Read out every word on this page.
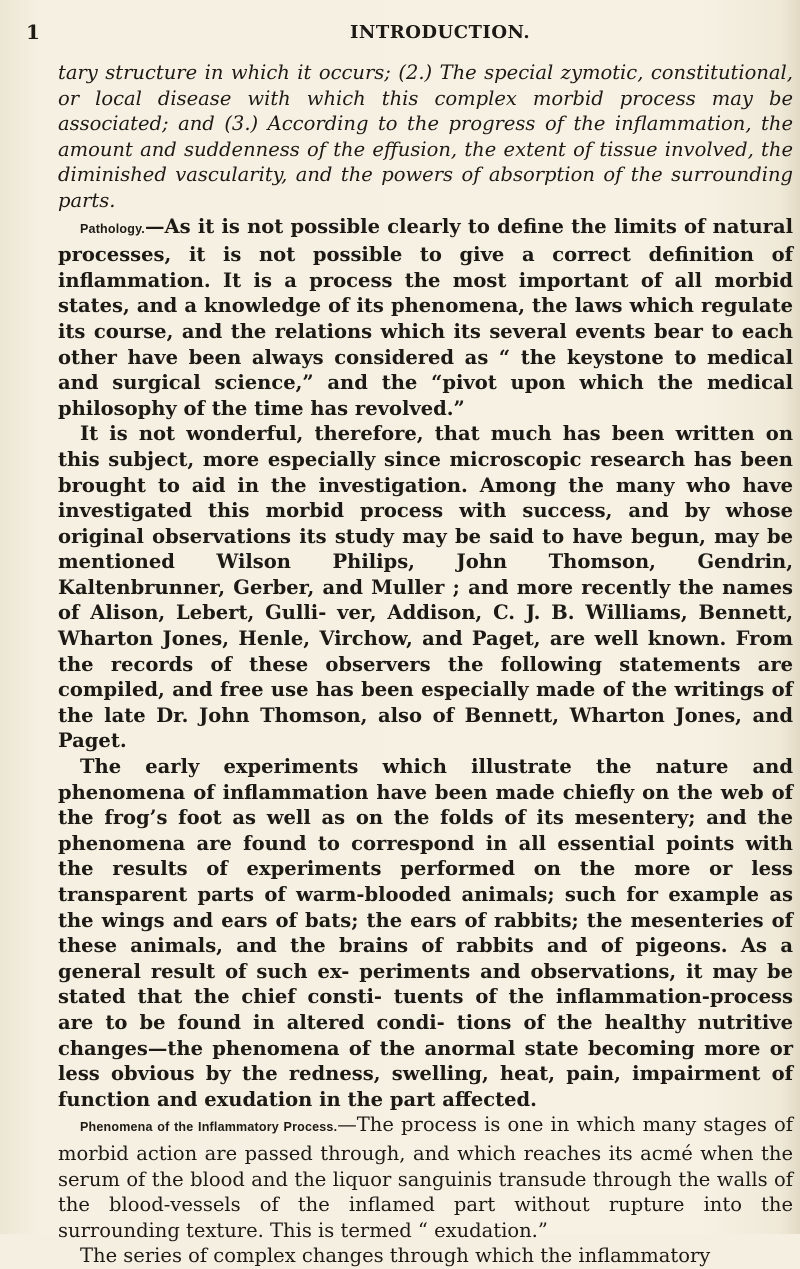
1	INTRODUCTION.

tary structure in which it occurs; (2.) The special zymotic, constitutional, or local disease with which this complex morbid process may be associated; and (3.) According to the progress of the inflammation, the amount and suddenness of the effusion, the extent of tissue involved, the diminished vascularity, and the powers of absorption of the surrounding parts.

Pathology.—As it is not possible clearly to define the limits of natural processes, it is not possible to give a correct definition of inflammation. It is a process the most important of all morbid states, and a knowledge of its phenomena, the laws which regulate its course, and the relations which its several events bear to each other have been always considered as “ the keystone to medical and surgical science,” and the “pivot upon which the medical philosophy of the time has revolved.”

It is not wonderful, therefore, that much has been written on this subject, more especially since microscopic research has been brought to aid in the investigation. Among the many who have investigated this morbid process with success, and by whose original observations its study may be said to have begun, may be mentioned Wilson Philips, John Thomson, Gendrin, Kaltenbrunner, Gerber, and Muller ; and more recently the names of Alison, Lebert, Gulli- ver, Addison, C. J. B. Williams, Bennett, Wharton Jones, Henle, Virchow, and Paget, are well known. From the records of these observers the following statements are compiled, and free use has been especially made of the writings of the late Dr. John Thomson, also of Bennett, Wharton Jones, and Paget.

The early experiments which illustrate the nature and phenomena of inflammation have been made chiefly on the web of the frog’s foot as well as on the folds of its mesentery; and the phenomena are found to correspond in all essential points with the results of experiments performed on the more or less transparent parts of warm-blooded animals; such for example as the wings and ears of bats; the ears of rabbits; the mesenteries of these animals, and the brains of rabbits and of pigeons. As a general result of such ex- periments and observations, it may be stated that the chief consti- tuents of the inflammation-process are to be found in altered condi- tions of the healthy nutritive changes—the phenomena of the anormal state becoming more or less obvious by the redness, swelling, heat, pain, impairment of function and exudation in the part affected.

Phenomena of the Inflammatory Process.—The process is one in which many stages of morbid action are passed through, and which reaches its acmé when the serum of the blood and the liquor sanguinis transude through the walls of the blood-vessels of the inflamed part without rupture into the surrounding texture. This is termed “ exudation.”

The series of complex changes through which the inflammatory
